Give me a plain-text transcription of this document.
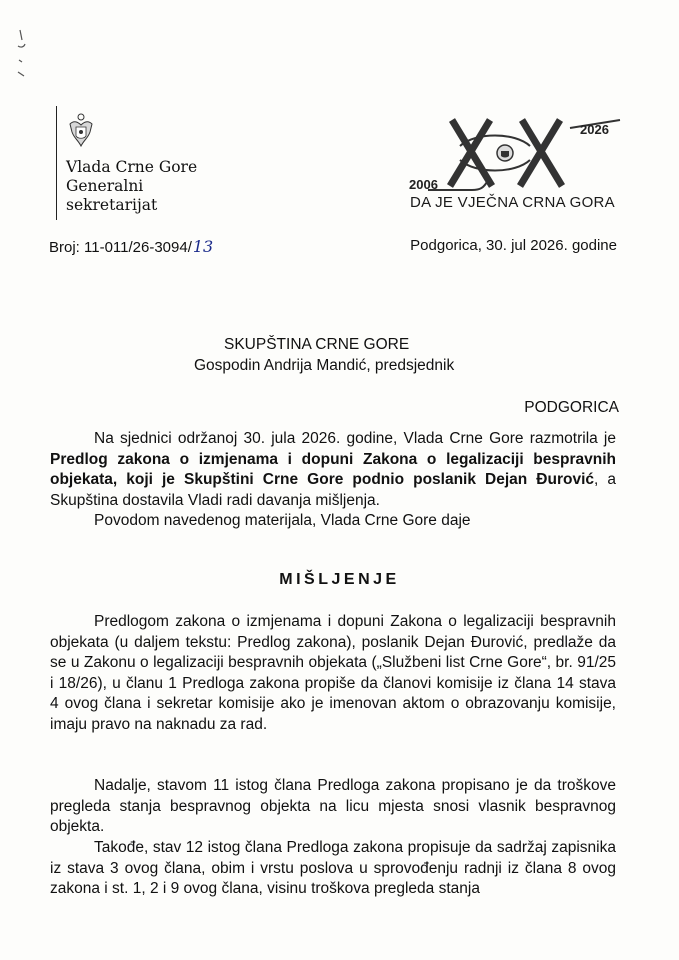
Vlada Crne Gore
Generalni
sekretarijat
2006
2026
DA JE VJEČNA CRNA GORA
Broj: 11-011/26-3094/13	Podgorica, 30. jul 2026. godine
SKUPŠTINA CRNE GORE
Gospodin Andrija Mandić, predsjednik
PODGORICA

Na sjednici održanoj 30. jula 2026. godine, Vlada Crne Gore razmotrila je Predlog zakona o izmjenama i dopuni Zakona o legalizaciji bespravnih objekata, koji je Skupštini Crne Gore podnio poslanik Dejan Đurović, a Skupština dostavila Vladi radi davanja mišljenja.

Povodom navedenog materijala, Vlada Crne Gore daje

MIŠLJENJE

Predlogom zakona o izmjenama i dopuni Zakona o legalizaciji bespravnih objekata (u daljem tekstu: Predlog zakona), poslanik Dejan Đurović, predlaže da se u Zakonu o legalizaciji bespravnih objekata („Službeni list Crne Gore“, br. 91/25 i 18/26), u članu 1 Predloga zakona propiše da članovi komisije iz člana 14 stava 4 ovog člana i sekretar komisije ako je imenovan aktom o obrazovanju komisije, imaju pravo na naknadu za rad.

Nadalje, stavom 11 istog člana Predloga zakona propisano je da troškove pregleda stanja bespravnog objekta na licu mjesta snosi vlasnik bespravnog objekta.

Takođe, stav 12 istog člana Predloga zakona propisuje da sadržaj zapisnika iz stava 3 ovog člana, obim i vrstu poslova u sprovođenju radnji iz člana 8 ovog zakona i st. 1, 2 i 9 ovog člana, visinu troškova pregleda stanja
